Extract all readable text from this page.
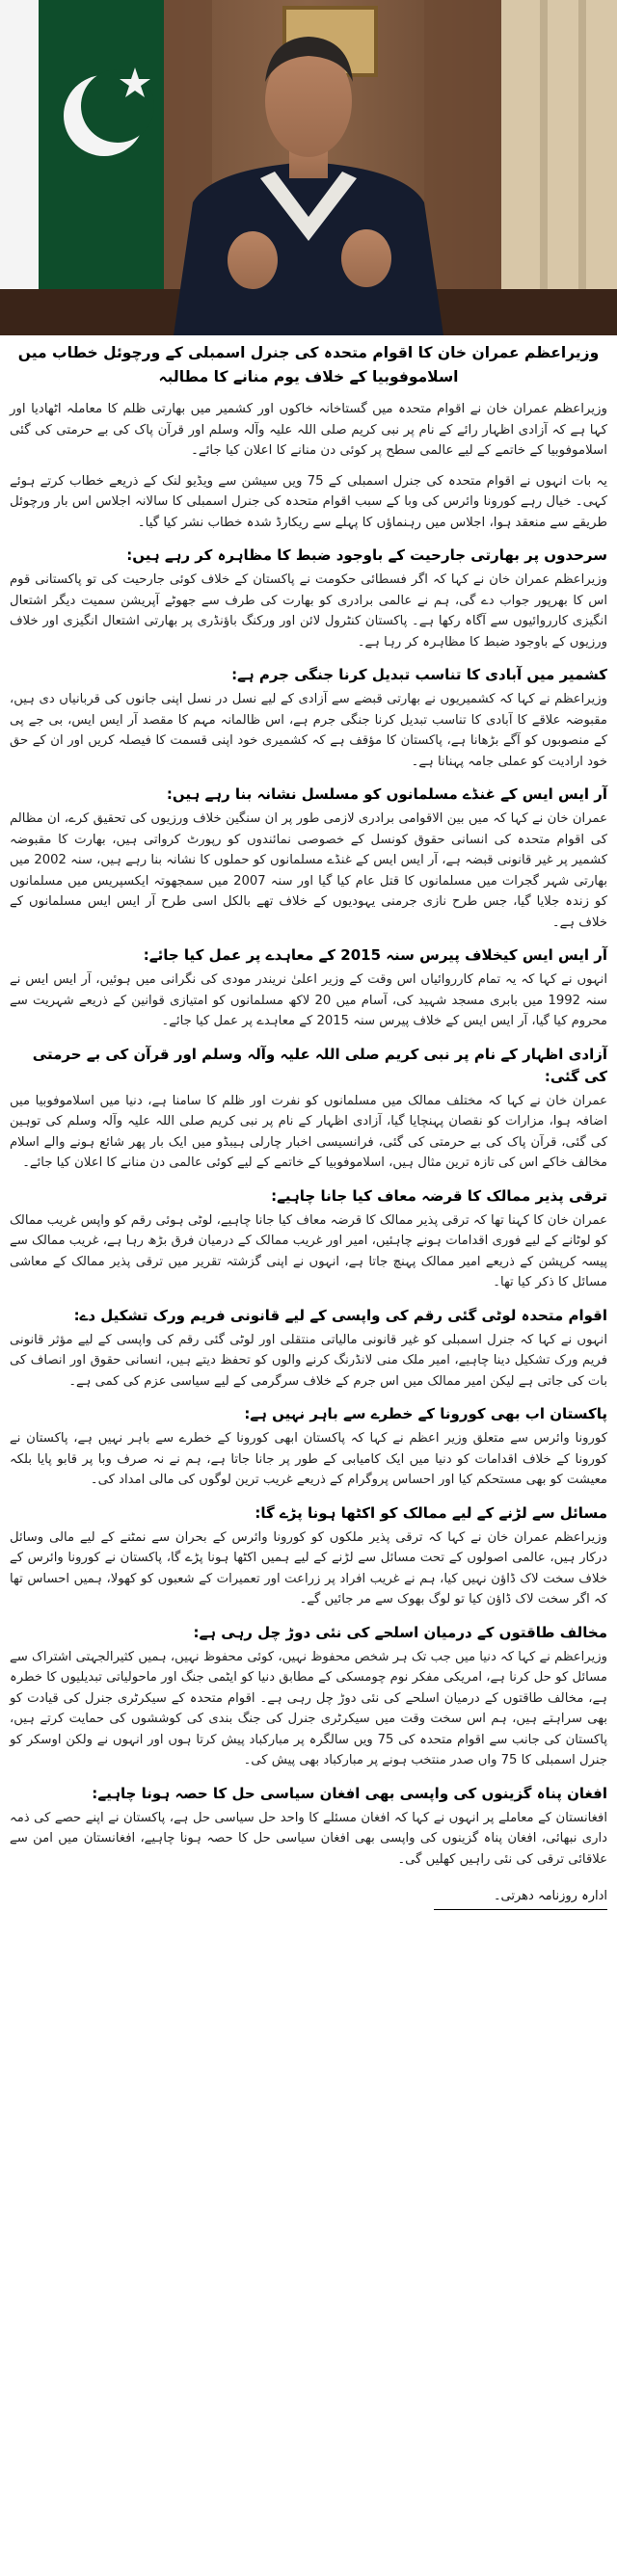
وزیراعظم عمران خان کا اقوام متحدہ کی جنرل اسمبلی کے ورچوئل خطاب میں اسلاموفوبیا کے خلاف یوم منانے کا مطالبہ

وزیراعظم عمران خان نے اقوام متحدہ میں گستاخانہ خاکوں اور کشمیر میں بھارتی ظلم کا معاملہ اٹھادیا اور کہا ہے کہ آزادی اظہار رائے کے نام پر نبی کریم صلی اللہ علیہ وآلہ وسلم اور قرآن پاک کی بے حرمتی کی گئی اسلاموفوبیا کے خاتمے کے لیے عالمی سطح پر کوئی دن منانے کا اعلان کیا جائے۔

یہ بات انہوں نے اقوام متحدہ کی جنرل اسمبلی کے 75 ویں سیشن سے ویڈیو لنک کے ذریعے خطاب کرتے ہوئے کہی۔ خیال رہے کورونا وائرس کی وبا کے سبب اقوام متحدہ کی جنرل اسمبلی کا سالانہ اجلاس اس بار ورچوئل طریقے سے منعقد ہوا، اجلاس میں رہنماؤں کا پہلے سے ریکارڈ شدہ خطاب نشر کیا گیا۔

سرحدوں پر بھارتی جارحیت کے باوجود ضبط کا مظاہرہ کر رہے ہیں:

وزیراعظم عمران خان نے کہا کہ اگر فسطائی حکومت نے پاکستان کے خلاف کوئی جارحیت کی تو پاکستانی قوم اس کا بھرپور جواب دے گی، ہم نے عالمی برادری کو بھارت کی طرف سے جھوٹے آپریشن سمیت دیگر اشتعال انگیزی کارروائیوں سے آگاہ رکھا ہے۔ پاکستان کنٹرول لائن اور ورکنگ باؤنڈری پر بھارتی اشتعال انگیزی اور خلاف ورزیوں کے باوجود ضبط کا مظاہرہ کر رہا ہے۔

کشمیر میں آبادی کا تناسب تبدیل کرنا جنگی جرم ہے:

وزیراعظم نے کہا کہ کشمیریوں نے بھارتی قبضے سے آزادی کے لیے نسل در نسل اپنی جانوں کی قربانیاں دی ہیں، مقبوضہ علاقے کا آبادی کا تناسب تبدیل کرنا جنگی جرم ہے، اس ظالمانہ مہم کا مقصد آر ایس ایس، بی جے پی کے منصوبوں کو آگے بڑھانا ہے، پاکستان کا مؤقف ہے کہ کشمیری خود اپنی قسمت کا فیصلہ کریں اور ان کے حق خود ارادیت کو عملی جامہ پہنانا ہے۔

آر ایس ایس کے غنڈے مسلمانوں کو مسلسل نشانہ بنا رہے ہیں:

عمران خان نے کہا کہ میں بین الاقوامی برادری لازمی طور پر ان سنگین خلاف ورزیوں کی تحقیق کرے، ان مظالم کی اقوام متحدہ کی انسانی حقوق کونسل کے خصوصی نمائندوں کو رپورٹ کرواتی ہیں، بھارت کا مقبوضہ کشمیر پر غیر قانونی قبضہ ہے، آر ایس ایس کے غنڈے مسلمانوں کو حملوں کا نشانہ بنا رہے ہیں، سنہ 2002 میں بھارتی شہر گجرات میں مسلمانوں کا قتل عام کیا گیا اور سنہ 2007 میں سمجھوتہ ایکسپریس میں مسلمانوں کو زندہ جلایا گیا، جس طرح نازی جرمنی یہودیوں کے خلاف تھے بالکل اسی طرح آر ایس ایس مسلمانوں کے خلاف ہے۔

آر ایس ایس کیخلاف پیرس سنہ 2015 کے معاہدے پر عمل کیا جائے:

انہوں نے کہا کہ یہ تمام کارروائیاں اس وقت کے وزیر اعلیٰ نریندر مودی کی نگرانی میں ہوئیں، آر ایس ایس نے سنہ 1992 میں بابری مسجد شہید کی، آسام میں 20 لاکھ مسلمانوں کو امتیازی قوانین کے ذریعے شہریت سے محروم کیا گیا، آر ایس ایس کے خلاف پیرس سنہ 2015 کے معاہدے پر عمل کیا جائے۔

آزادی اظہار کے نام پر نبی کریم صلی اللہ علیہ وآلہ وسلم اور قرآن کی بے حرمتی کی گئی:

عمران خان نے کہا کہ مختلف ممالک میں مسلمانوں کو نفرت اور ظلم کا سامنا ہے، دنیا میں اسلاموفوبیا میں اضافہ ہوا، مزارات کو نقصان پہنچایا گیا، آزادی اظہار کے نام پر نبی کریم صلی اللہ علیہ وآلہ وسلم کی توہین کی گئی، قرآن پاک کی بے حرمتی کی گئی، فرانسیسی اخبار چارلی ہیبڈو میں ایک بار پھر شائع ہونے والے اسلام مخالف خاکے اس کی تازہ ترین مثال ہیں، اسلاموفوبیا کے خاتمے کے لیے کوئی عالمی دن منانے کا اعلان کیا جائے۔

ترقی پذیر ممالک کا قرضہ معاف کیا جانا چاہیے:

عمران خان کا کہنا تھا کہ ترقی پذیر ممالک کا قرضہ معاف کیا جانا چاہیے، لوٹی ہوئی رقم کو واپس غریب ممالک کو لوٹانے کے لیے فوری اقدامات ہونے چاہئیں، امیر اور غریب ممالک کے درمیان فرق بڑھ رہا ہے، غریب ممالک سے پیسہ کرپشن کے ذریعے امیر ممالک پہنچ جاتا ہے، انہوں نے اپنی گزشتہ تقریر میں ترقی پذیر ممالک کے معاشی مسائل کا ذکر کیا تھا۔

اقوام متحدہ لوٹی گئی رقم کی واپسی کے لیے قانونی فریم ورک تشکیل دے:

انہوں نے کہا کہ جنرل اسمبلی کو غیر قانونی مالیاتی منتقلی اور لوٹی گئی رقم کی واپسی کے لیے مؤثر قانونی فریم ورک تشکیل دینا چاہیے، امیر ملک منی لانڈرنگ کرنے والوں کو تحفظ دیتے ہیں، انسانی حقوق اور انصاف کی بات کی جاتی ہے لیکن امیر ممالک میں اس جرم کے خلاف سرگرمی کے لیے سیاسی عزم کی کمی ہے۔

پاکستان اب بھی کورونا کے خطرے سے باہر نہیں ہے:

کورونا وائرس سے متعلق وزیر اعظم نے کہا کہ پاکستان ابھی کورونا کے خطرے سے باہر نہیں ہے، پاکستان نے کورونا کے خلاف اقدامات کو دنیا میں ایک کامیابی کے طور پر جانا جاتا ہے، ہم نے نہ صرف وبا پر قابو پایا بلکہ معیشت کو بھی مستحکم کیا اور احساس پروگرام کے ذریعے غریب ترین لوگوں کی مالی امداد کی۔

مسائل سے لڑنے کے لیے ممالک کو اکٹھا ہونا پڑے گا:

وزیراعظم عمران خان نے کہا کہ ترقی پذیر ملکوں کو کورونا وائرس کے بحران سے نمٹنے کے لیے مالی وسائل درکار ہیں، عالمی اصولوں کے تحت مسائل سے لڑنے کے لیے ہمیں اکٹھا ہونا پڑے گا، پاکستان نے کورونا وائرس کے خلاف سخت لاک ڈاؤن نہیں کیا، ہم نے غریب افراد پر زراعت اور تعمیرات کے شعبوں کو کھولا، ہمیں احساس تھا کہ اگر سخت لاک ڈاؤن کیا تو لوگ بھوک سے مر جائیں گے۔

مخالف طاقتوں کے درمیان اسلحے کی نئی دوڑ چل رہی ہے:

وزیراعظم نے کہا کہ دنیا میں جب تک ہر شخص محفوظ نہیں، کوئی محفوظ نہیں، ہمیں کثیرالجہتی اشتراک سے مسائل کو حل کرنا ہے، امریکی مفکر نوم چومسکی کے مطابق دنیا کو ایٹمی جنگ اور ماحولیاتی تبدیلیوں کا خطرہ ہے، مخالف طاقتوں کے درمیان اسلحے کی نئی دوڑ چل رہی ہے۔ اقوام متحدہ کے سیکرٹری جنرل کی قیادت کو بھی سراہتے ہیں، ہم اس سخت وقت میں سیکرٹری جنرل کی جنگ بندی کی کوششوں کی حمایت کرتے ہیں، پاکستان کی جانب سے اقوام متحدہ کی 75 ویں سالگرہ پر مبارکباد پیش کرتا ہوں اور انہوں نے ولکن اوسکر کو جنرل اسمبلی کا 75 واں صدر منتخب ہونے پر مبارکباد بھی پیش کی۔

افغان پناہ گزینوں کی واپسی بھی افغان سیاسی حل کا حصہ ہونا چاہیے:

افغانستان کے معاملے پر انہوں نے کہا کہ افغان مسئلے کا واحد حل سیاسی حل ہے، پاکستان نے اپنے حصے کی ذمہ داری نبھائی، افغان پناہ گزینوں کی واپسی بھی افغان سیاسی حل کا حصہ ہونا چاہیے، افغانستان میں امن سے علاقائی ترقی کی نئی راہیں کھلیں گی۔

ادارہ روزنامہ دھرتی۔
